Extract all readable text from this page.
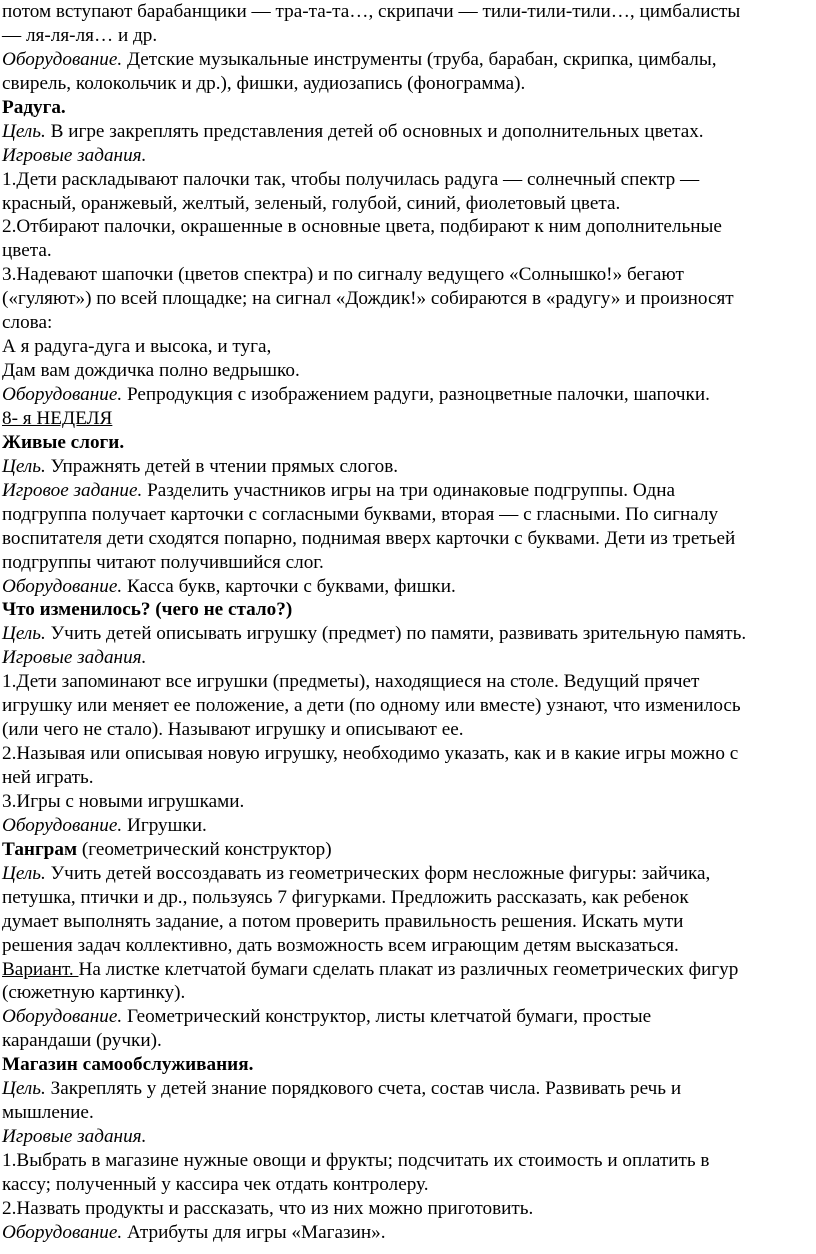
потом вступают барабанщики — тра-та-та…, скрипачи — тили-тили-тили…, цимбалисты
— ля-ля-ля… и др.
Оборудование. Детские музыкальные инструменты (труба, барабан, скрипка, цимбалы,
свирель, колокольчик и др.), фишки, аудиозапись (фонограмма).
Радуга.
Цель. В игре закреплять представления детей об основных и дополнительных цветах.
Игровые задания.
1.Дети раскладывают палочки так, чтобы получилась радуга — солнечный спектр —
красный, оранжевый, желтый, зеленый, голубой, синий, фиолетовый цвета.
2.Отбирают палочки, окрашенные в основные цвета, подбирают к ним дополнительные
цвета.
3.Надевают шапочки (цветов спектра) и по сигналу ведущего «Солнышко!» бегают
(«гуляют») по всей площадке; на сигнал «Дождик!» собираются в «радугу» и произносят
слова:
А я радуга-дуга и высока, и туга,
Дам вам дождичка полно ведрышко.
Оборудование. Репродукция с изображением радуги, разноцветные палочки, шапочки.
8- я НЕДЕЛЯ
Живые слоги.
Цель. Упражнять детей в чтении прямых слогов.
Игровое задание. Разделить участников игры на три одинаковые подгруппы. Одна
подгруппа получает карточки с согласными буквами, вторая — с гласными. По сигналу
воспитателя дети сходятся попарно, поднимая вверх карточки с буквами. Дети из третьей
подгруппы читают получившийся слог.
Оборудование. Касса букв, карточки с буквами, фишки.
Что изменилось? (чего не стало?)
Цель. Учить детей описывать игрушку (предмет) по памяти, развивать зрительную память.
Игровые задания.
1.Дети запоминают все игрушки (предметы), находящиеся на столе. Ведущий прячет
игрушку или меняет ее положение, а дети (по одному или вместе) узнают, что изменилось
(или чего не стало). Называют игрушку и описывают ее.
2.Называя или описывая новую игрушку, необходимо указать, как и в какие игры можно с
ней играть.
3.Игры с новыми игрушками.
Оборудование. Игрушки.
Танграм (геометрический конструктор)
Цель. Учить детей воссоздавать из геометрических форм несложные фигуры: зайчика,
петушка, птички и др., пользуясь 7 фигурками. Предложить рассказать, как ребенок
думает выполнять задание, а потом проверить правильность решения. Искать мути
решения задач коллективно, дать возможность всем играющим детям высказаться.
Вариант. На листке клетчатой бумаги сделать плакат из различных геометрических фигур
(сюжетную картинку).
Оборудование. Геометрический конструктор, листы клетчатой бумаги, простые
карандаши (ручки).
Магазин самообслуживания.
Цель. Закреплять у детей знание порядкового счета, состав числа. Развивать речь и
мышление.
Игровые задания.
1.Выбрать в магазине нужные овощи и фрукты; подсчитать их стоимость и оплатить в
кассу; полученный у кассира чек отдать контролеру.
2.Назвать продукты и рассказать, что из них можно приготовить.
Оборудование. Атрибуты для игры «Магазин».
